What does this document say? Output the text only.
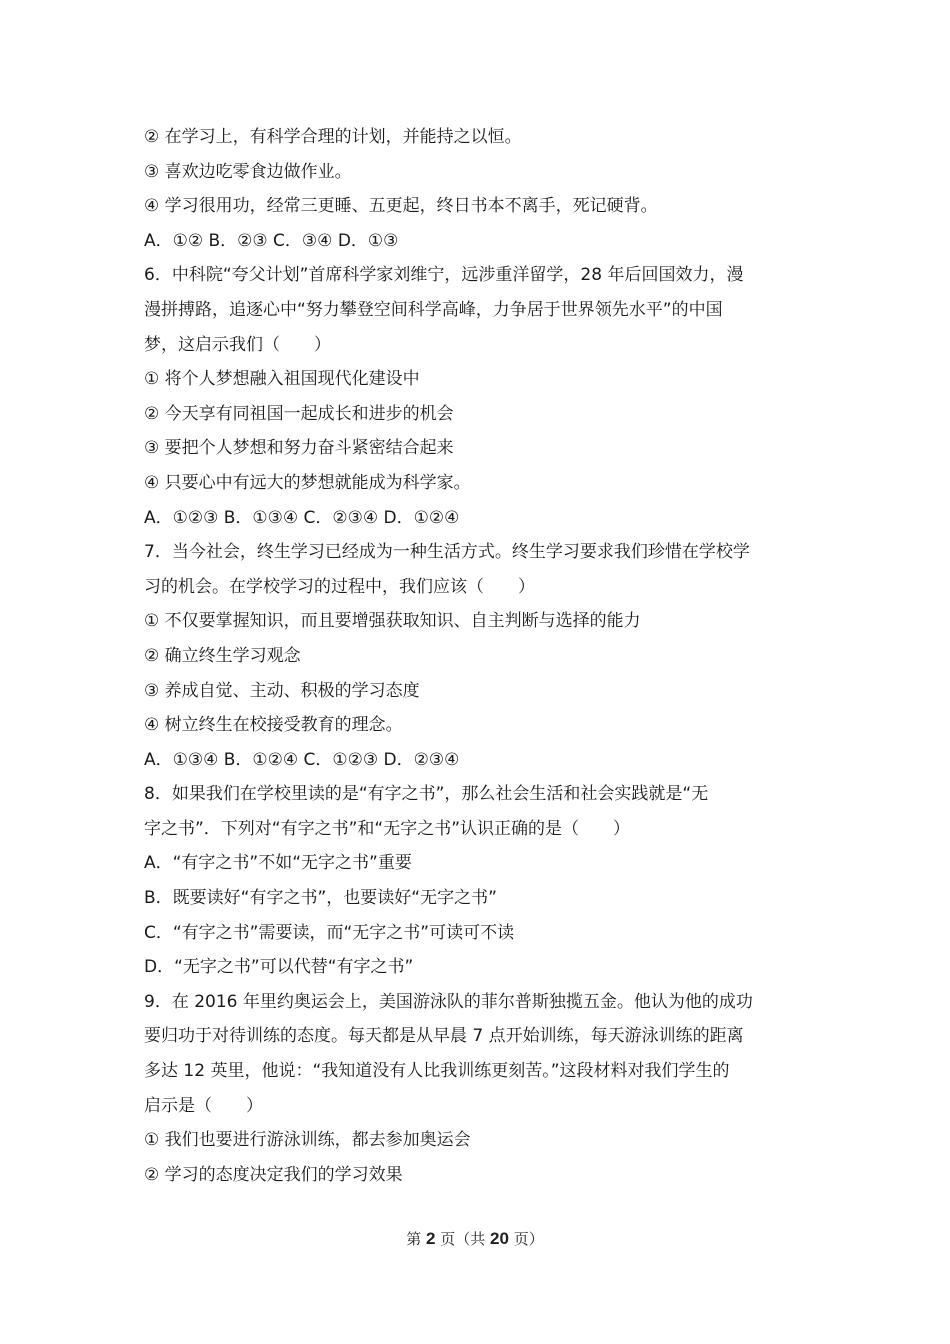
② 在学习上，有科学合理的计划，并能持之以恒。
③ 喜欢边吃零食边做作业。
④ 学习很用功，经常三更睡、五更起，终日书本不离手，死记硬背。
A．①② B．②③ C．③④ D．①③
6．中科院“夸父计划”首席科学家刘维宁，远涉重洋留学，28 年后回国效力，漫
漫拼搏路，追逐心中“努力攀登空间科学高峰，力争居于世界领先水平”的中国
梦，这启示我们（　　）
① 将个人梦想融入祖国现代化建设中
② 今天享有同祖国一起成长和进步的机会
③ 要把个人梦想和努力奋斗紧密结合起来
④ 只要心中有远大的梦想就能成为科学家。
A．①②③ B．①③④ C．②③④ D．①②④
7．当今社会，终生学习已经成为一种生活方式。终生学习要求我们珍惜在学校学
习的机会。在学校学习的过程中，我们应该（　　）
① 不仅要掌握知识，而且要增强获取知识、自主判断与选择的能力
② 确立终生学习观念
③ 养成自觉、主动、积极的学习态度
④ 树立终生在校接受教育的理念。
A．①③④ B．①②④ C．①②③ D．②③④
8．如果我们在学校里读的是“有字之书”，那么社会生活和社会实践就是“无
字之书”．下列对“有字之书”和“无字之书”认识正确的是（　　）
A．“有字之书”不如“无字之书”重要
B．既要读好“有字之书”，也要读好“无字之书”
C．“有字之书”需要读，而“无字之书”可读可不读
D．“无字之书”可以代替“有字之书”
9．在 2016 年里约奥运会上，美国游泳队的菲尔普斯独揽五金。他认为他的成功
要归功于对待训练的态度。每天都是从早晨 7 点开始训练，每天游泳训练的距离
多达 12 英里，他说：“我知道没有人比我训练更刻苦。”这段材料对我们学生的
启示是（　　）
① 我们也要进行游泳训练，都去参加奥运会
② 学习的态度决定我们的学习效果
第 2 页（共 20 页）
